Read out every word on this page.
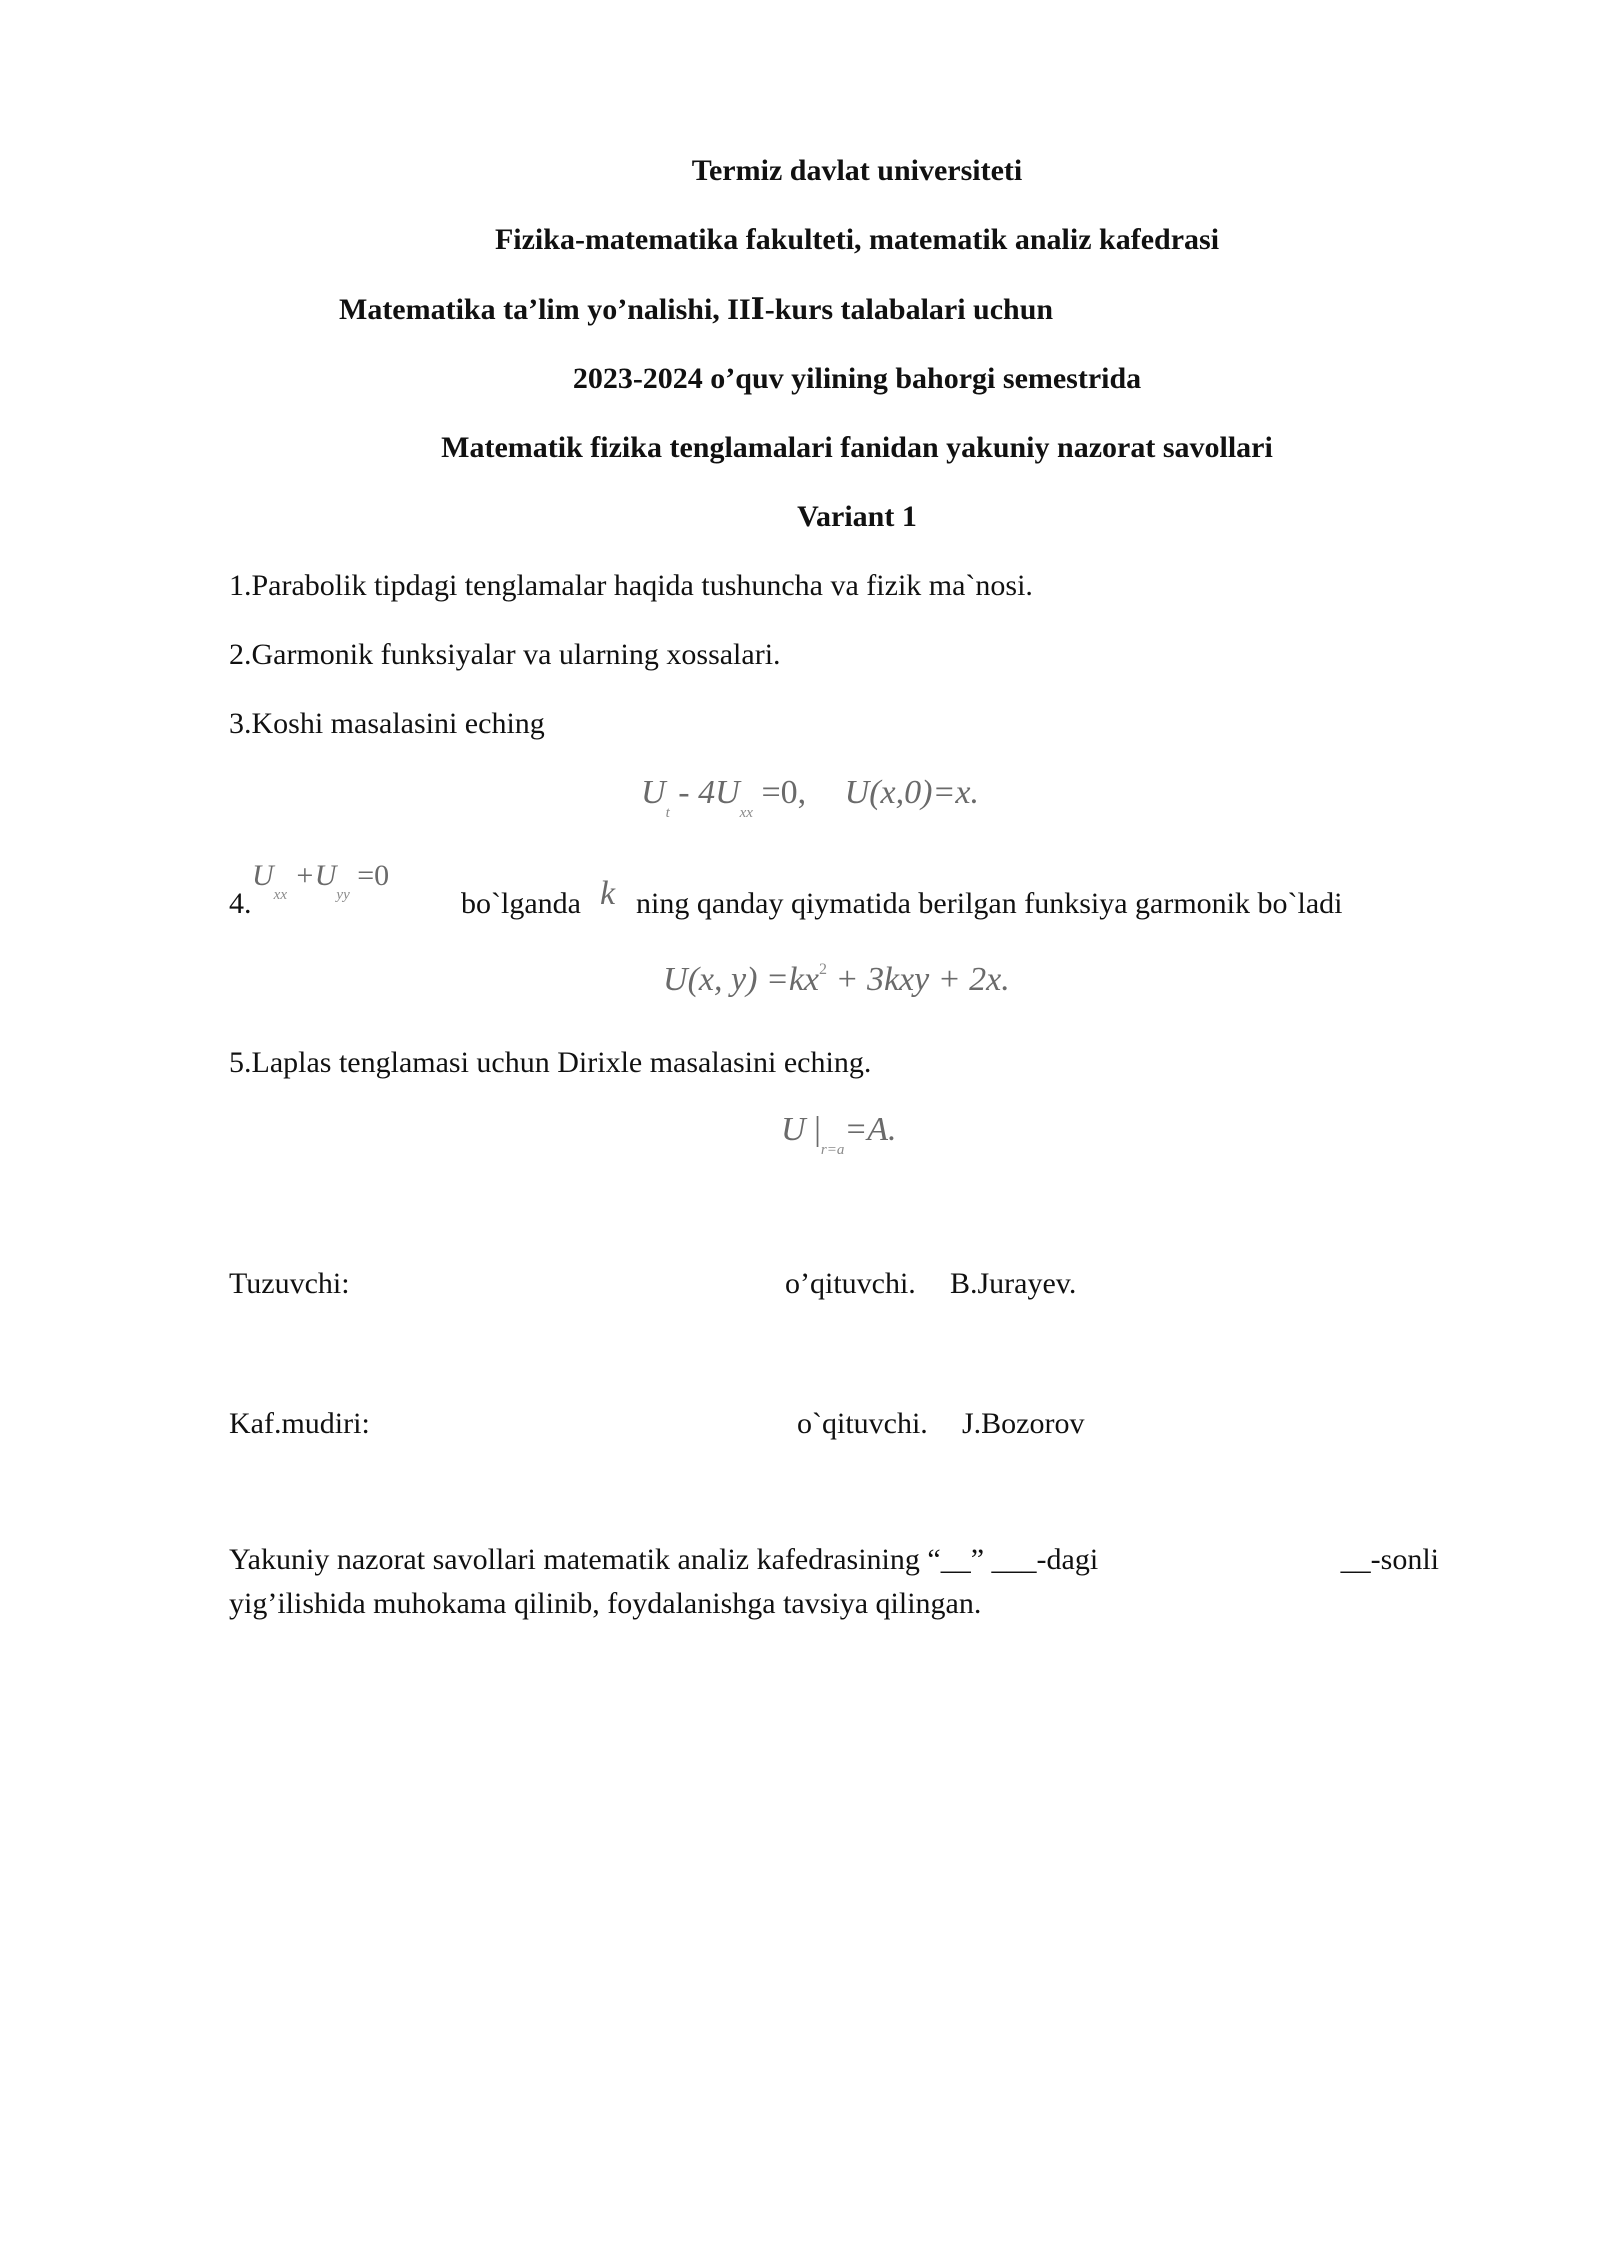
Termiz davlat universiteti
Fizika-matematika fakulteti, matematik analiz kafedrasi
Matematika ta’lim yo’nalishi, III-kurs talabalari uchun
2023-2024 o’quv yilining bahorgi semestrida
Matematik fizika tenglamalari fanidan yakuniy nazorat savollari
Variant 1
1.Parabolik tipdagi tenglamalar haqida tushuncha va fizik ma`nosi.
2.Garmonik funksiyalar va ularning xossalari.
3.Koshi masalasini eching
$U_t - 4U_{xx} =0$, U(x,0)=x.
4.
$U_{xx} +U_{yy} =0$
bo`lganda k ning qanday qiymatida berilgan funksiya garmonik bo`ladi
U(x, $y) =kx^2 + 3kxy + 2x$.
5.Laplas tenglamasi uchun Dirixle masalasini eching.
U $|_{r=a}=A$.
Tuzuvchi:	o’qituvchi. B.Jurayev.
Kaf.mudiri:	o`qituvchi. J.Bozorov
Yakuniy nazorat savollari matematik analiz kafedrasining “__” ___-dagi	__-sonli
yig’ilishida muhokama qilinib, foydalanishga tavsiya qilingan.
